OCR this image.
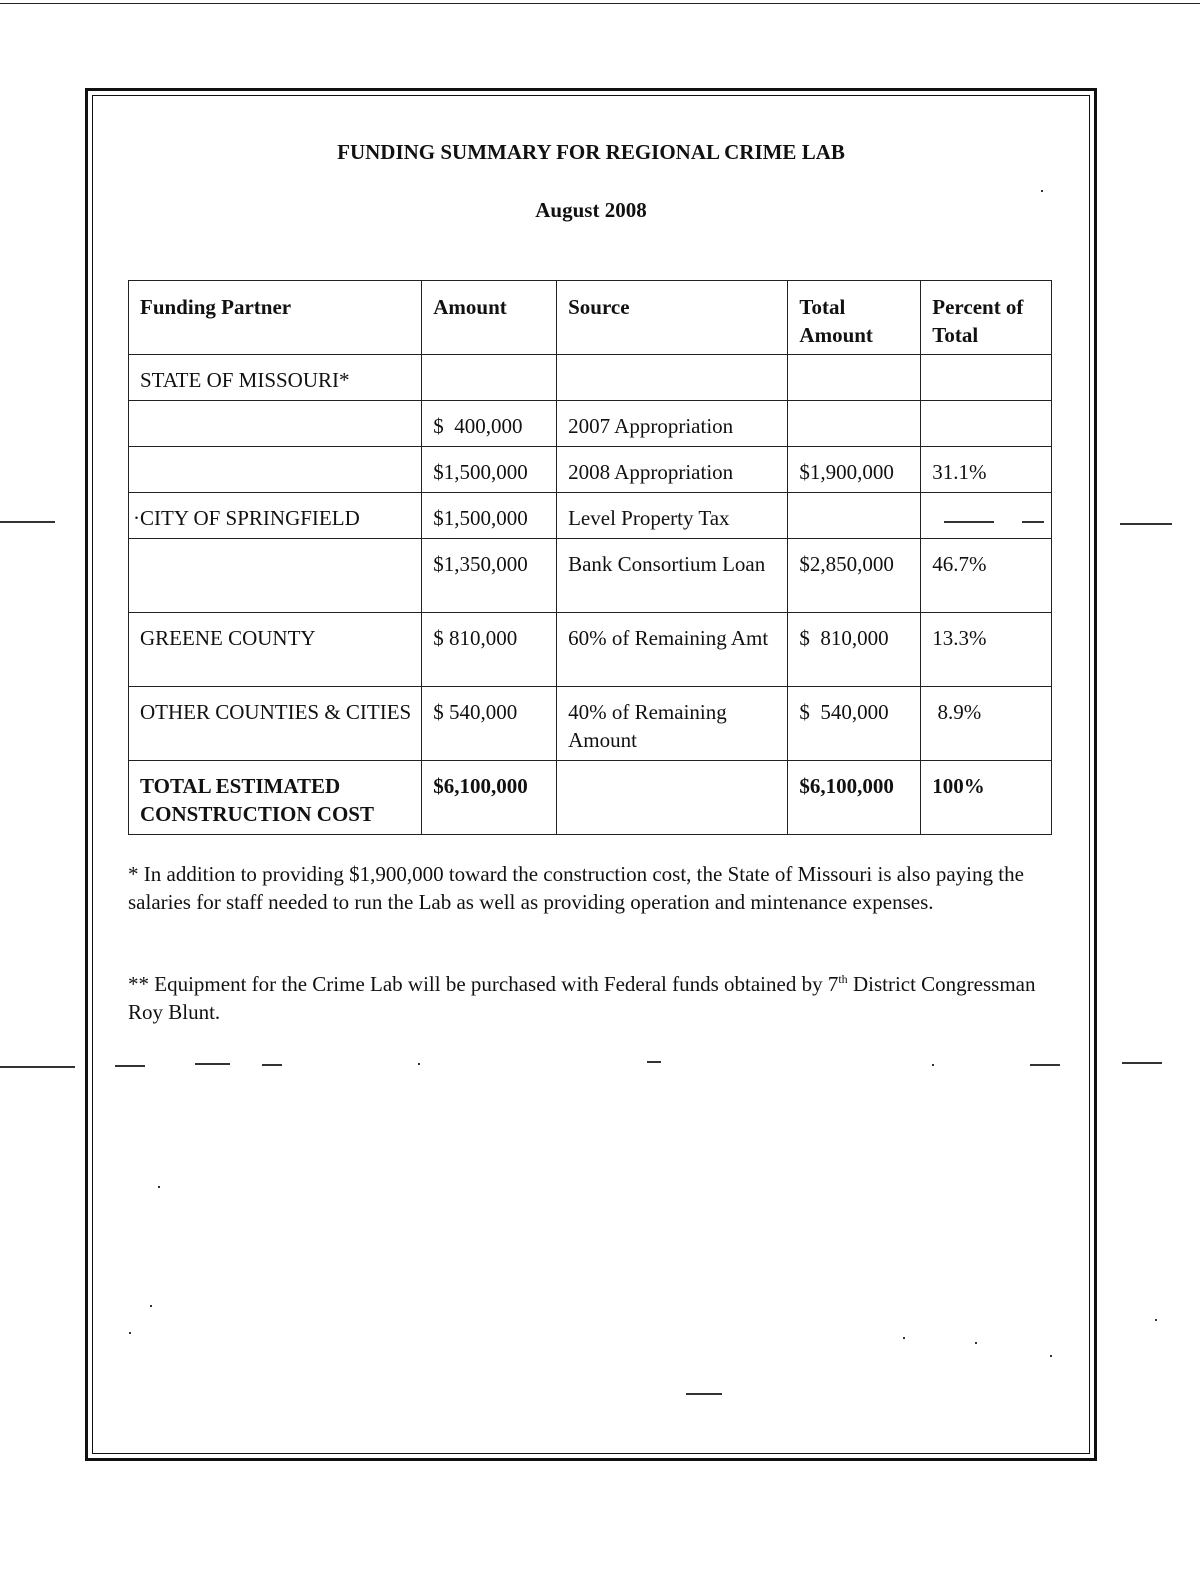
FUNDING SUMMARY FOR REGIONAL CRIME LAB
August 2008
Funding Partner	Amount	Source	Total Amount	Percent of Total
STATE OF MISSOURI*				
	$  400,000	2007 Appropriation		
	$1,500,000	2008 Appropriation	$1,900,000	31.1%
·CITY OF SPRINGFIELD	$1,500,000	Level Property Tax		
	$1,350,000	Bank Consortium Loan	$2,850,000	46.7%
GREENE COUNTY	$ 810,000	60% of Remaining Amt	$  810,000	13.3%
OTHER COUNTIES & CITIES	$ 540,000	40% of Remaining Amount	$  540,000	8.9%
TOTAL ESTIMATED CONSTRUCTION COST	$6,100,000		$6,100,000	100%
* In addition to providing $1,900,000 toward the construction cost, the State of Missouri is also paying the salaries for staff needed to run the Lab as well as providing operation and mintenance expenses.
** Equipment for the Crime Lab will be purchased with Federal funds obtained by 7th District Congressman Roy Blunt.
